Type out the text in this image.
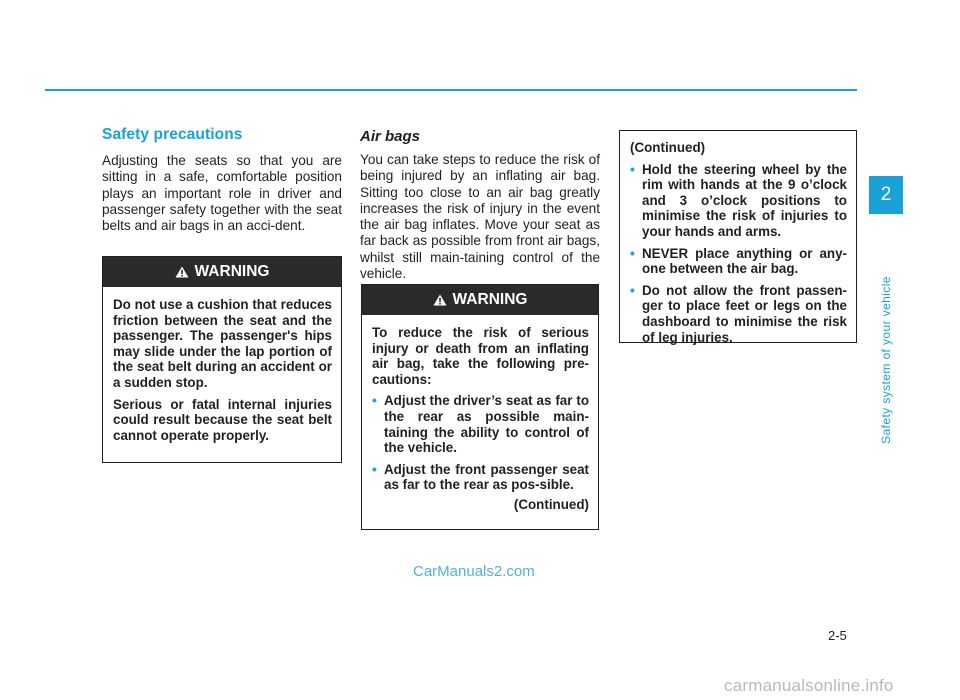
Safety precautions

Adjusting the seats so that you are sitting in a safe, comfortable position plays an important role in driver and passenger safety together with the seat belts and air bags in an acci-dent.

WARNING

Do not use a cushion that reduces friction between the seat and the passenger. The passenger's hips may slide under the lap portion of the seat belt during an accident or a sudden stop.

Serious or fatal internal injuries could result because the seat belt cannot operate properly.

Air bags

You can take steps to reduce the risk of being injured by an inflating air bag. Sitting too close to an air bag greatly increases the risk of injury in the event the air bag inflates. Move your seat as far back as possible from front air bags, whilst still main-taining control of the vehicle.

WARNING

To reduce the risk of serious injury or death from an inflating air bag, take the following pre-cautions:

• Adjust the driver’s seat as far to the rear as possible main-taining the ability to control of the vehicle.
• Adjust the front passenger seat as far to the rear as pos-sible.
(Continued)

(Continued)

• Hold the steering wheel by the rim with hands at the 9 o’clock and 3 o’clock positions to minimise the risk of injuries to your hands and arms.
• NEVER place anything or any-one between the air bag.
• Do not allow the front passen-ger to place feet or legs on the dashboard to minimise the risk of leg injuries.
2
Safety system of your vehicle
2-5
CarManuals2.com
carmanualsonline.info
